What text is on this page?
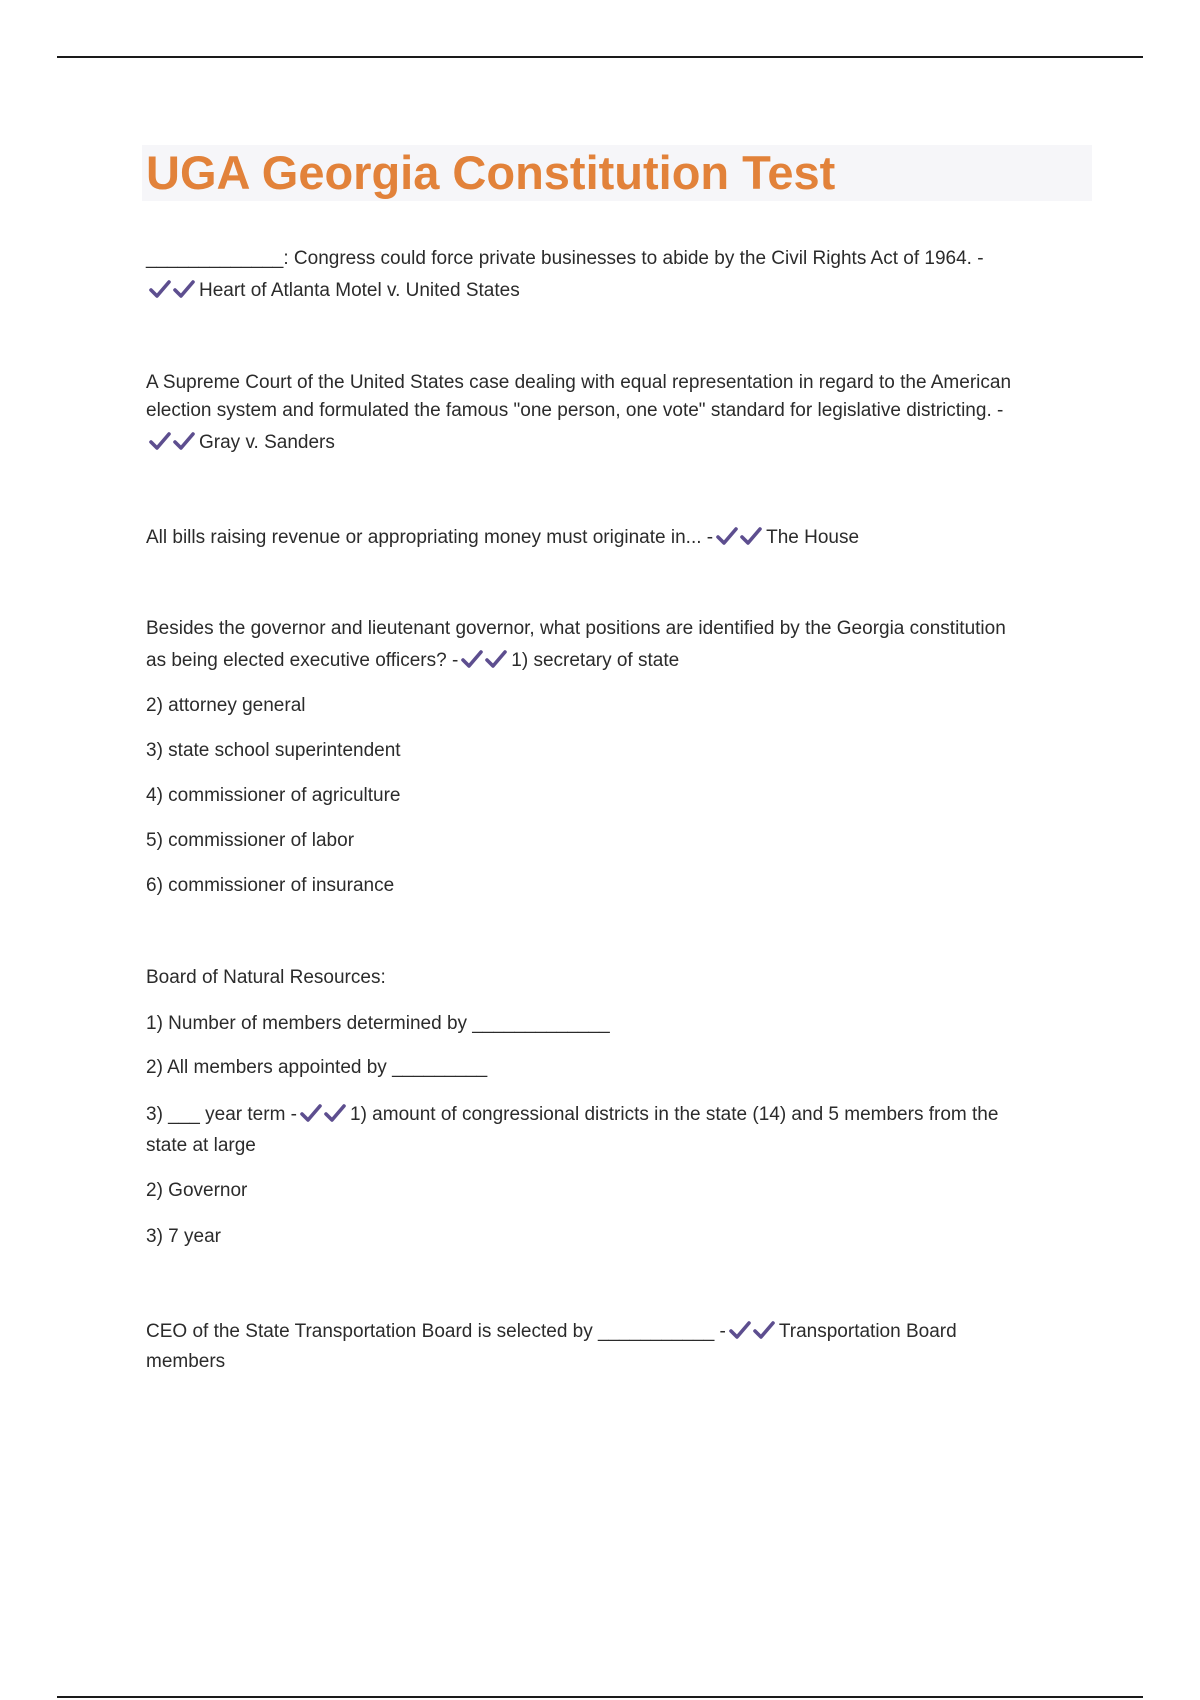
UGA Georgia Constitution Test
_____________: Congress could force private businesses to abide by the Civil Rights Act of 1964. -
Heart of Atlanta Motel v. United States
A Supreme Court of the United States case dealing with equal representation in regard to the American
election system and formulated the famous "one person, one vote" standard for legislative districting. -
Gray v. Sanders
All bills raising revenue or appropriating money must originate in... -	The House
Besides the governor and lieutenant governor, what positions are identified by the Georgia constitution
as being elected executive officers? -	1) secretary of state
2) attorney general
3) state school superintendent
4) commissioner of agriculture
5) commissioner of labor
6) commissioner of insurance
Board of Natural Resources:
1) Number of members determined by _____________
2) All members appointed by _________
3) ___ year term -	1) amount of congressional districts in the state (14) and 5 members from the
state at large
2) Governor
3) 7 year
CEO of the State Transportation Board is selected by ___________ -	Transportation Board
members
